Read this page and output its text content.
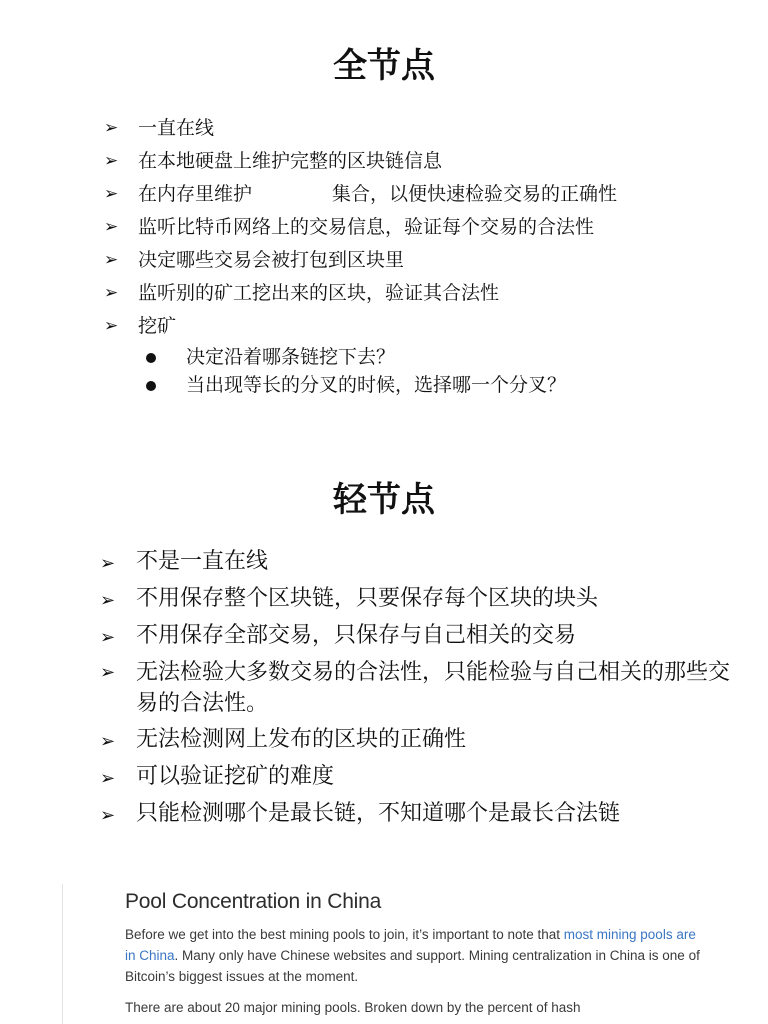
全节点
➢ 一直在线
➢ 在本地硬盘上维护完整的区块链信息
➢ 在内存里维护	集合，以便快速检验交易的正确性
➢ 监听比特币网络上的交易信息，验证每个交易的合法性
➢ 决定哪些交易会被打包到区块里
➢ 监听别的矿工挖出来的区块，验证其合法性
➢ 挖矿
决定沿着哪条链挖下去？
当出现等长的分叉的时候，选择哪一个分叉？
轻节点
➢ 不是一直在线
➢ 不用保存整个区块链，只要保存每个区块的块头
➢ 不用保存全部交易，只保存与自己相关的交易
➢ 无法检验大多数交易的合法性，只能检验与自己相关的那些交易的合法性。
➢ 无法检测网上发布的区块的正确性
➢ 可以验证挖矿的难度
➢ 只能检测哪个是最长链，不知道哪个是最长合法链
Pool Concentration in China

Before we get into the best mining pools to join, it’s important to note that most mining pools are in China. Many only have Chinese websites and support. Mining centralization in China is one of Bitcoin’s biggest issues at the moment.

There are about 20 major mining pools. Broken down by the percent of hash
